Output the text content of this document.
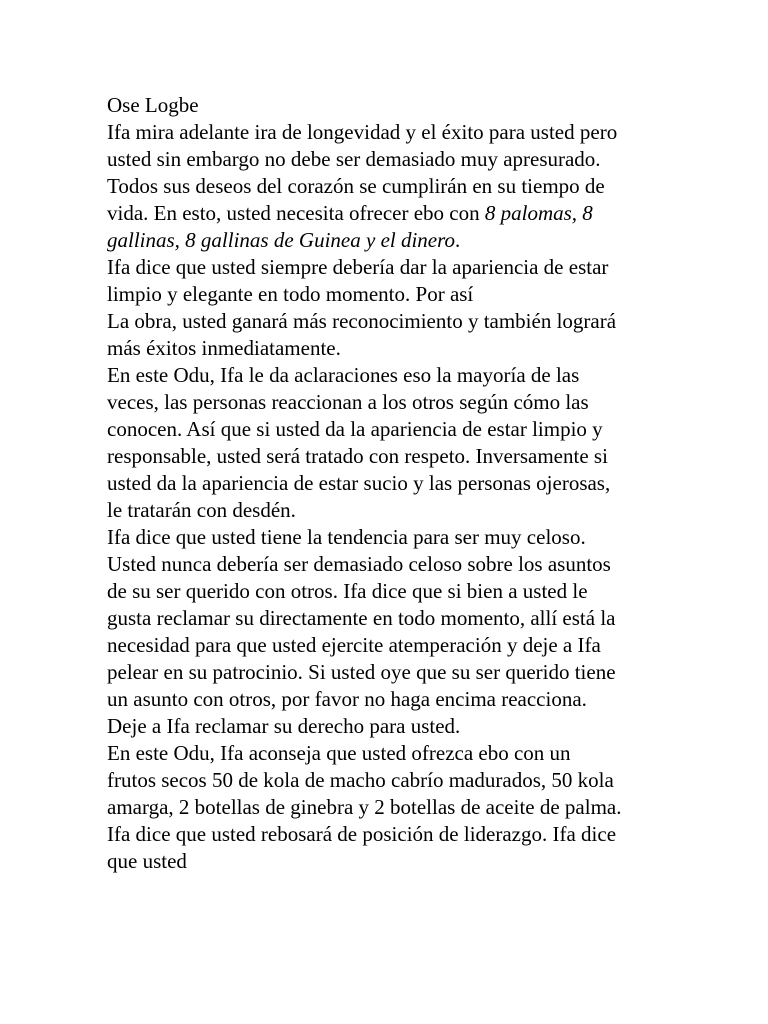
Ose Logbe
Ifa mira adelante ira de longevidad y el éxito para usted pero
usted sin embargo no debe ser demasiado muy apresurado.
Todos sus deseos del corazón se cumplirán en su tiempo de
vida. En esto, usted necesita ofrecer ebo con 8 palomas, 8
gallinas, 8 gallinas de Guinea y el dinero.
Ifa dice que usted siempre debería dar la apariencia de estar
limpio y elegante en todo momento. Por así
La obra, usted ganará más reconocimiento y también logrará
más éxitos inmediatamente.
En este Odu, Ifa le da aclaraciones eso la mayoría de las
veces, las personas reaccionan a los otros según cómo las
conocen. Así que si usted da la apariencia de estar limpio y
responsable, usted será tratado con respeto. Inversamente si
usted da la apariencia de estar sucio y las personas ojerosas,
le tratarán con desdén.
Ifa dice que usted tiene la tendencia para ser muy celoso.
Usted nunca debería ser demasiado celoso sobre los asuntos
de su ser querido con otros. Ifa dice que si bien a usted le
gusta reclamar su directamente en todo momento, allí está la
necesidad para que usted ejercite atemperación y deje a Ifa
pelear en su patrocinio. Si usted oye que su ser querido tiene
un asunto con otros, por favor no haga encima reacciona.
Deje a Ifa reclamar su derecho para usted.
En este Odu, Ifa aconseja que usted ofrezca ebo con un
frutos secos 50 de kola de macho cabrío madurados, 50 kola
amarga, 2 botellas de ginebra y 2 botellas de aceite de palma.
Ifa dice que usted rebosará de posición de liderazgo. Ifa dice
que usted
